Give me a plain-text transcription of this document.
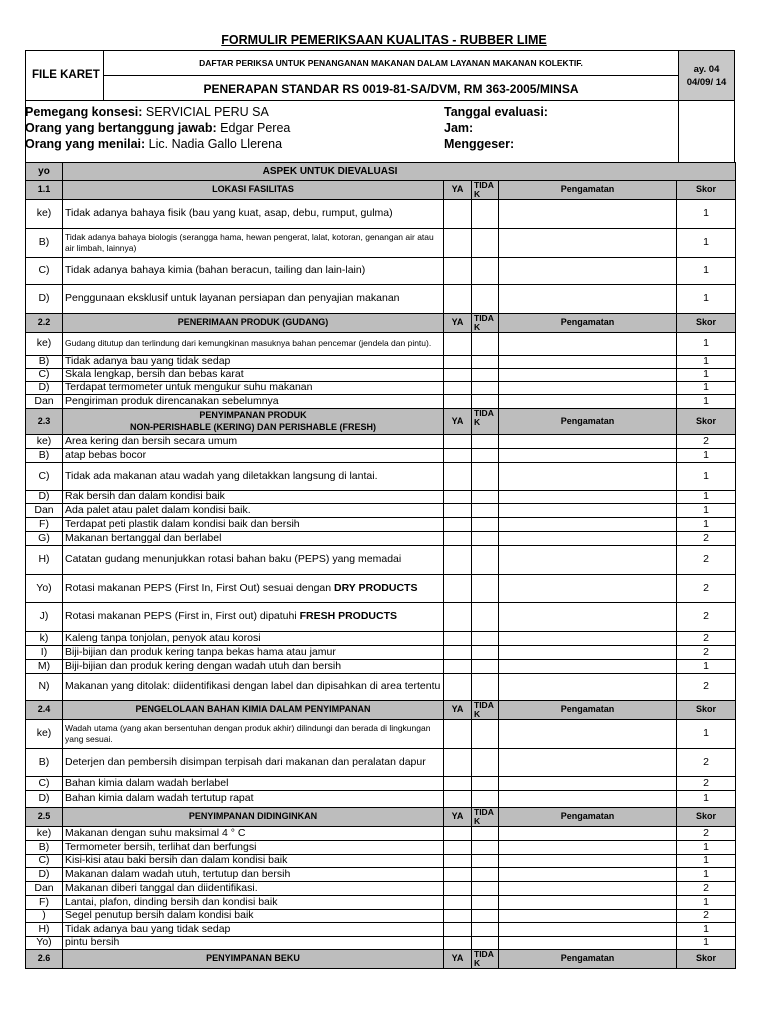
FORMULIR PEMERIKSAAN KUALITAS - RUBBER LIME
FILE KARET
DAFTAR PERIKSA UNTUK PENANGANAN MAKANAN DALAM LAYANAN MAKANAN KOLEKTIF.
PENERAPAN STANDAR RS 0019-81-SA/DVM, RM 363-2005/MINSA
ay. 04
04/09/ 14
Pemegang konsesi: SERVICIAL PERU SA
Orang yang bertanggung jawab: Edgar Perea
Orang yang menilai: Lic. Nadia Gallo Llerena
Tanggal evaluasi:
Jam:
Menggeser:
yo	ASPEK UNTUK DIEVALUASI				
1.1	LOKASI FASILITAS	YA	TIDA K	Pengamatan	Skor
ke)	Tidak adanya bahaya fisik (bau yang kuat, asap, debu, rumput, gulma)				1
B)	Tidak adanya bahaya biologis (serangga hama, hewan pengerat, lalat, kotoran, genangan air atau air limbah, lainnya)				1
C)	Tidak adanya bahaya kimia (bahan beracun, tailing dan lain-lain)				1
D)	Penggunaan eksklusif untuk layanan persiapan dan penyajian makanan				1
2.2	PENERIMAAN PRODUK (GUDANG)	YA	TIDA K	Pengamatan	Skor
ke)	Gudang ditutup dan terlindung dari kemungkinan masuknya bahan pencemar (jendela dan pintu).				1
B)	Tidak adanya bau yang tidak sedap				1
C)	Skala lengkap, bersih dan bebas karat				1
D)	Terdapat termometer untuk mengukur suhu makanan				1
Dan	Pengiriman produk direncanakan sebelumnya				1
2.3	PENYIMPANAN PRODUK
NON-PERISHABLE (KERING) DAN PERISHABLE (FRESH)	YA	TIDA K	Pengamatan	Skor
ke)	Area kering dan bersih secara umum				2
B)	atap bebas bocor				1
C)	Tidak ada makanan atau wadah yang diletakkan langsung di lantai.				1
D)	Rak bersih dan dalam kondisi baik				1
Dan	Ada palet atau palet dalam kondisi baik.				1
F)	Terdapat peti plastik dalam kondisi baik dan bersih				1
G)	Makanan bertanggal dan berlabel				2
H)	Catatan gudang menunjukkan rotasi bahan baku (PEPS) yang memadai				2
Yo)	Rotasi makanan PEPS (First In, First Out) sesuai dengan DRY PRODUCTS				2
J)	Rotasi makanan PEPS (First in, First out) dipatuhi FRESH PRODUCTS				2
k)	Kaleng tanpa tonjolan, penyok atau korosi				2
I)	Biji-bijian dan produk kering tanpa bekas hama atau jamur				2
M)	Biji-bijian dan produk kering dengan wadah utuh dan bersih				1
N)	Makanan yang ditolak: diidentifikasi dengan label dan dipisahkan di area tertentu				2
2.4	PENGELOLAAN BAHAN KIMIA DALAM PENYIMPANAN	YA	TIDA K	Pengamatan	Skor
ke)	Wadah utama (yang akan bersentuhan dengan produk akhir) dilindungi dan berada di lingkungan yang sesuai.				1
B)	Deterjen dan pembersih disimpan terpisah dari makanan dan peralatan dapur				2
C)	Bahan kimia dalam wadah berlabel				2
D)	Bahan kimia dalam wadah tertutup rapat				1
2.5	PENYIMPANAN DIDINGINKAN	YA	TIDA K	Pengamatan	Skor
ke)	Makanan dengan suhu maksimal 4 ° C				2
B)	Termometer bersih, terlihat dan berfungsi				1
C)	Kisi-kisi atau baki bersih dan dalam kondisi baik				1
D)	Makanan dalam wadah utuh, tertutup dan bersih				1
Dan	Makanan diberi tanggal dan diidentifikasi.				2
F)	Lantai, plafon, dinding bersih dan kondisi baik				1
)	Segel penutup bersih dalam kondisi baik				2
H)	Tidak adanya bau yang tidak sedap				1
Yo)	pintu bersih				1
2.6	PENYIMPANAN BEKU	YA	TIDA K	Pengamatan	Skor
